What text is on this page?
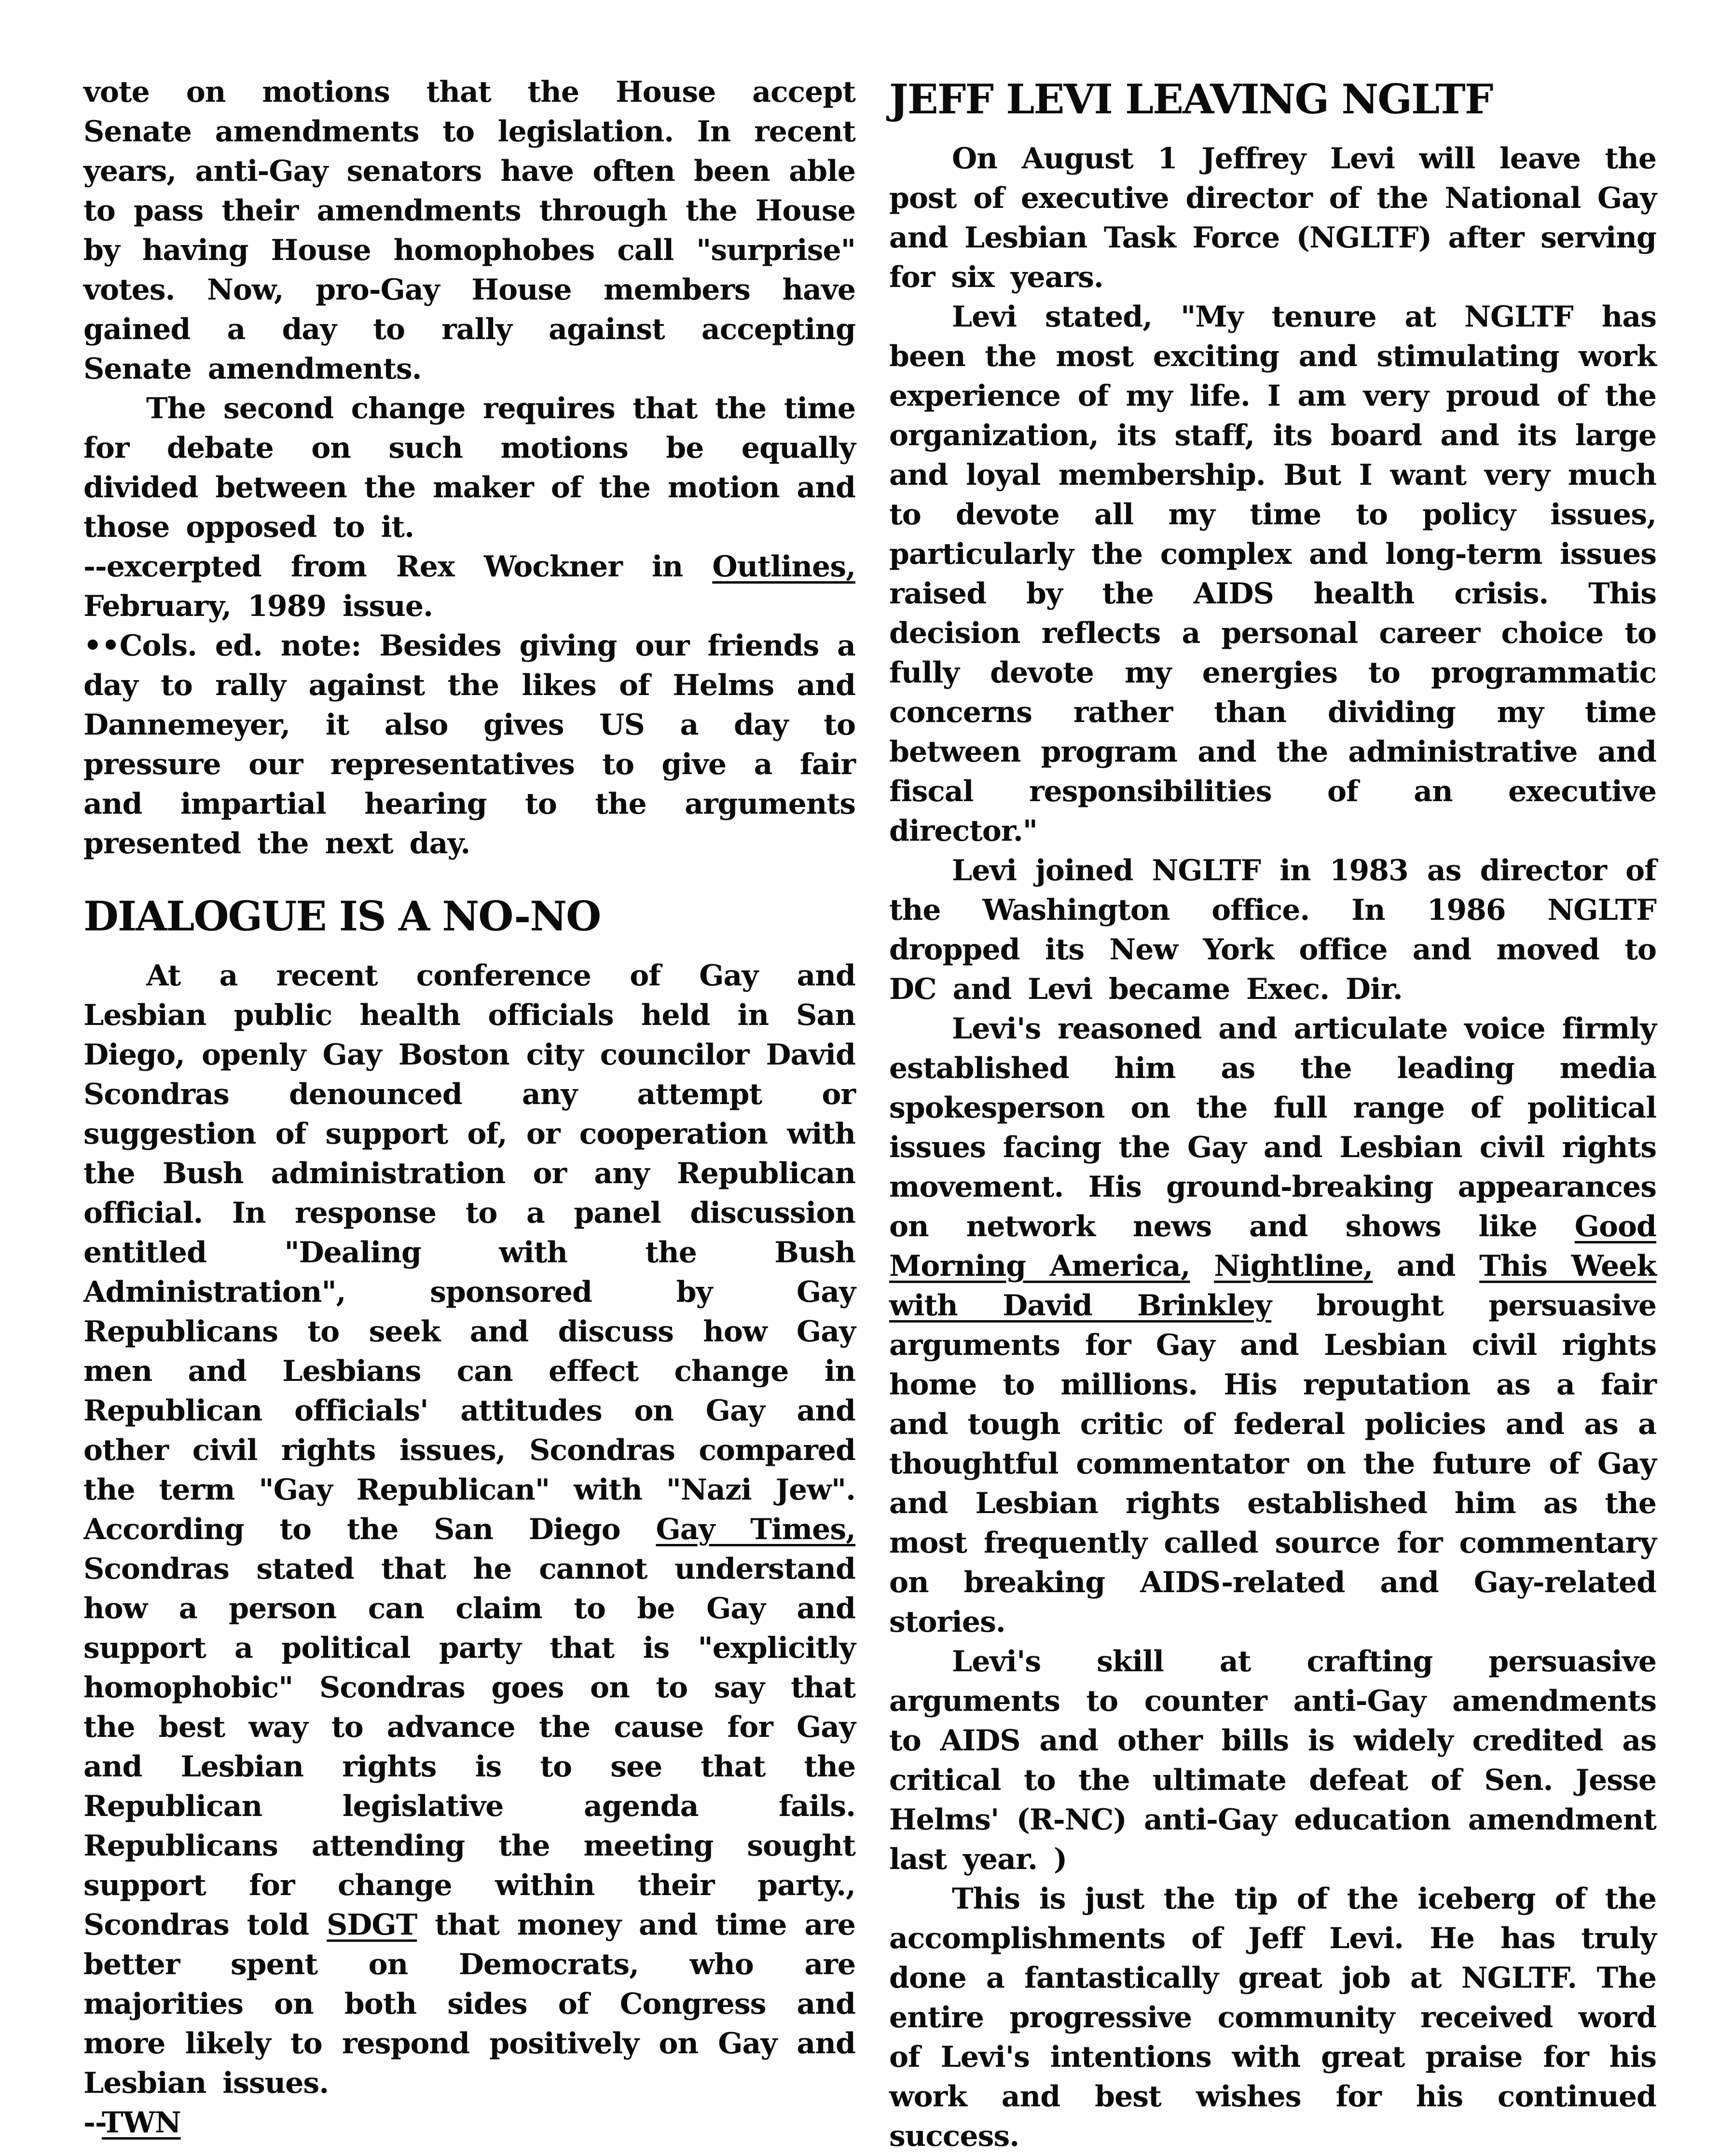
vote on motions that the House accept Senate amendments to legislation. In recent years, anti-Gay senators have often been able to pass their amendments through the House by having House homophobes call "surprise" votes. Now, pro-Gay House members have gained a day to rally against accepting Senate amendments.

The second change requires that the time for debate on such motions be equally divided between the maker of the motion and those opposed to it.

--excerpted from Rex Wockner in Outlines, February, 1989 issue.

••Cols. ed. note: Besides giving our friends a day to rally against the likes of Helms and Dannemeyer, it also gives US a day to pressure our representatives to give a fair and impartial hearing to the arguments presented the next day.

DIALOGUE IS A NO-NO

At a recent conference of Gay and Lesbian public health officials held in San Diego, openly Gay Boston city councilor David Scondras denounced any attempt or suggestion of support of, or cooperation with the Bush administration or any Republican official. In response to a panel discussion entitled "Dealing with the Bush Administration", sponsored by Gay Republicans to seek and discuss how Gay men and Lesbians can effect change in Republican officials' attitudes on Gay and other civil rights issues, Scondras compared the term "Gay Republican" with "Nazi Jew". According to the San Diego Gay Times, Scondras stated that he cannot understand how a person can claim to be Gay and support a political party that is "explicitly homophobic" Scondras goes on to say that the best way to advance the cause for Gay and Lesbian rights is to see that the Republican legislative agenda fails. Republicans attending the meeting sought support for change within their party., Scondras told SDGT that money and time are better spent on Democrats, who are majorities on both sides of Congress and more likely to respond positively on Gay and Lesbian issues.

--TWN

JEFF LEVI LEAVING NGLTF

On August 1 Jeffrey Levi will leave the post of executive director of the National Gay and Lesbian Task Force (NGLTF) after serving for six years.

Levi stated, "My tenure at NGLTF has been the most exciting and stimulating work experience of my life. I am very proud of the organization, its staff, its board and its large and loyal membership. But I want very much to devote all my time to policy issues, particularly the complex and long-term issues raised by the AIDS health crisis. This decision reflects a personal career choice to fully devote my energies to programmatic concerns rather than dividing my time between program and the administrative and fiscal responsibilities of an executive director."

Levi joined NGLTF in 1983 as director of the Washington office. In 1986 NGLTF dropped its New York office and moved to DC and Levi became Exec. Dir.

Levi's reasoned and articulate voice firmly established him as the leading media spokesperson on the full range of political issues facing the Gay and Lesbian civil rights movement. His ground-breaking appearances on network news and shows like Good Morning America, Nightline, and This Week with David Brinkley brought persuasive arguments for Gay and Lesbian civil rights home to millions. His reputation as a fair and tough critic of federal policies and as a thoughtful commentator on the future of Gay and Lesbian rights established him as the most frequently called source for commentary on breaking AIDS-related and Gay-related stories.

Levi's skill at crafting persuasive arguments to counter anti-Gay amendments to AIDS and other bills is widely credited as critical to the ultimate defeat of Sen. Jesse Helms' (R-NC) anti-Gay education amendment last year. )

This is just the tip of the iceberg of the accomplishments of Jeff Levi. He has truly done a fantastically great job at NGLTF. The entire progressive community received word of Levi's intentions with great praise for his work and best wishes for his continued success.
